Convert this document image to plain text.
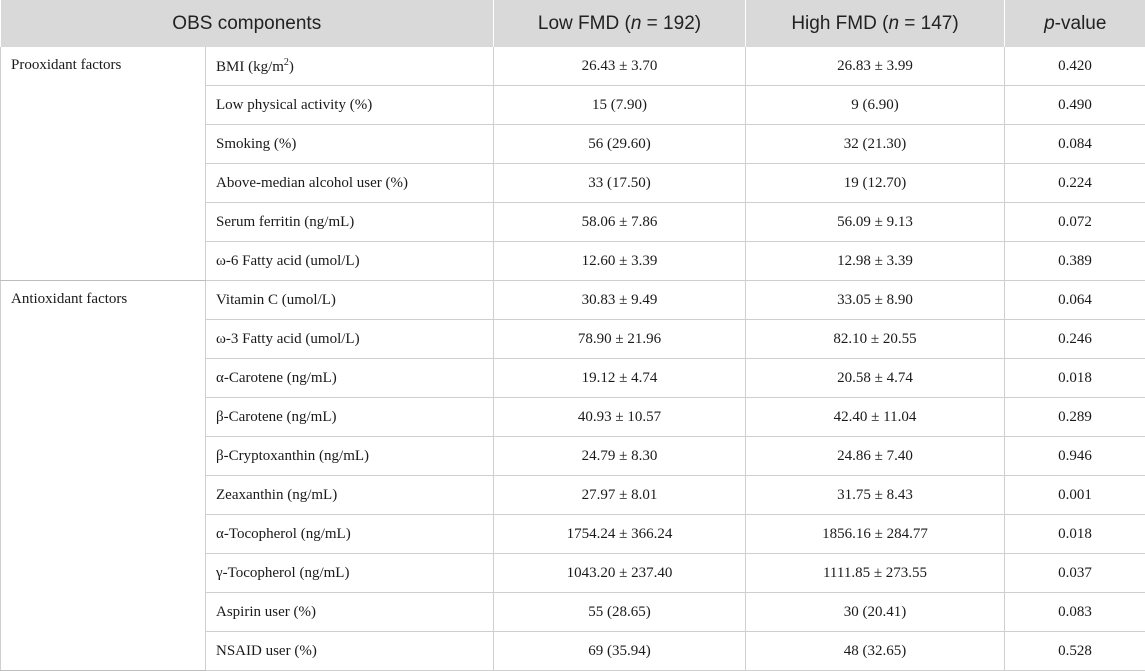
OBS components		Low FMD (n = 192)	High FMD (n = 147)	p-value
Prooxidant factors	BMI $(kg/m^2)$	26.43 ± 3.70	26.83 ± 3.99	0.420
	Low physical activity (%)	15 (7.90)	9 (6.90)	0.490
	Smoking (%)	56 (29.60)	32 (21.30)	0.084
	Above-median alcohol user (%)	33 (17.50)	19 (12.70)	0.224
	Serum ferritin (ng/mL)	58.06 ± 7.86	56.09 ± 9.13	0.072
	ω-6 Fatty acid (umol/L)	12.60 ± 3.39	12.98 ± 3.39	0.389
Antioxidant factors	Vitamin C (umol/L)	30.83 ± 9.49	33.05 ± 8.90	0.064
	ω-3 Fatty acid (umol/L)	78.90 ± 21.96	82.10 ± 20.55	0.246
	α-Carotene (ng/mL)	19.12 ± 4.74	20.58 ± 4.74	0.018
	β-Carotene (ng/mL)	40.93 ± 10.57	42.40 ± 11.04	0.289
	β-Cryptoxanthin (ng/mL)	24.79 ± 8.30	24.86 ± 7.40	0.946
	Zeaxanthin (ng/mL)	27.97 ± 8.01	31.75 ± 8.43	0.001
	α-Tocopherol (ng/mL)	1754.24 ± 366.24	1856.16 ± 284.77	0.018
	γ-Tocopherol (ng/mL)	1043.20 ± 237.40	1111.85 ± 273.55	0.037
	Aspirin user (%)	55 (28.65)	30 (20.41)	0.083
	NSAID user (%)	69 (35.94)	48 (32.65)	0.528
